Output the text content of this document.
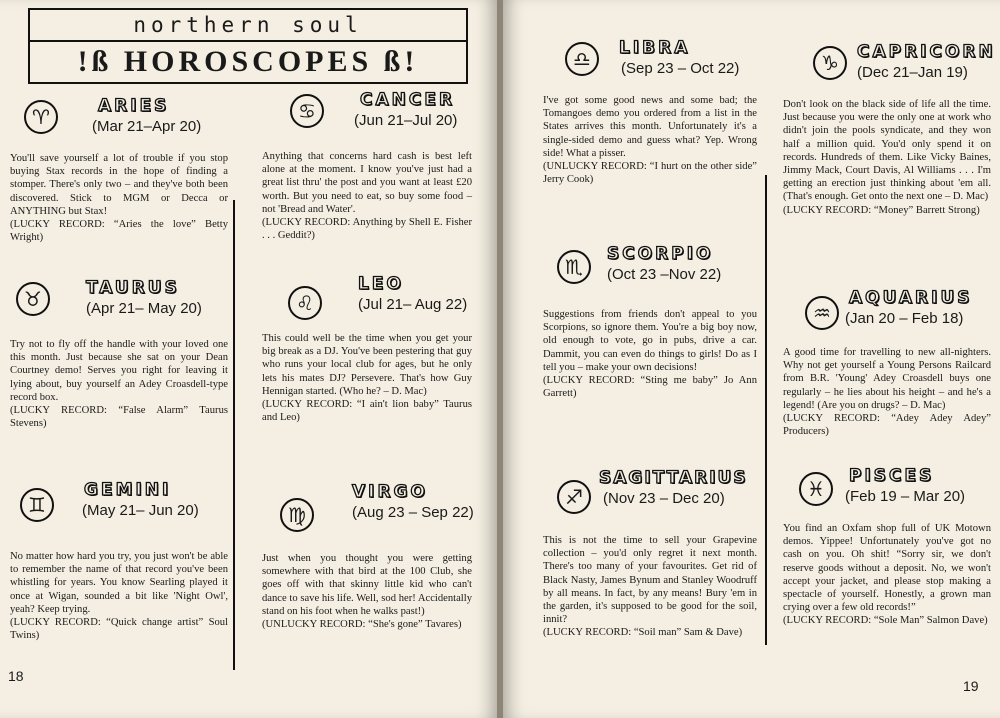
northern soul
!ß HOROSCOPES ß!
♈	ARIES
(Mar 21–Apr 20)
You'll save yourself a lot of trouble if you stop buying Stax records in the hope of finding a stomper. There's only two – and they've both been discovered. Stick to MGM or Decca or ANYTHING but Stax!
(LUCKY RECORD: “Aries the love” Betty Wright)
♉	TAURUS
(Apr 21– May 20)
Try not to fly off the handle with your loved one this month. Just because she sat on your Dean Courtney demo! Serves you right for leaving it lying about, buy yourself an Adey Croasdell-type record box.
(LUCKY RECORD: “False Alarm” Taurus Stevens)
♊
GEMINI
(May 21– Jun 20)
No matter how hard you try, you just won't be able to remember the name of that record you've been whistling for years. You know Searling played it once at Wigan, sounded a bit like 'Night Owl', yeah? Keep trying.
(LUCKY RECORD: “Quick change artist” Soul Twins)
♋	CANCER
(Jun 21–Jul 20)
Anything that concerns hard cash is best left alone at the moment. I know you've just had a great list thru' the post and you want at least £20 worth. But you need to eat, so buy some food – not 'Bread and Water'.
(LUCKY RECORD: Anything by Shell E. Fisher . . . Geddit?)
♌
LEO
(Jul 21– Aug 22)
This could well be the time when you get your big break as a DJ. You've been pestering that guy who runs your local club for ages, but he only lets his mates DJ? Persevere. That's how Guy Hennigan started. (Who he? – D. Mac)
(LUCKY RECORD: “I ain't lion baby” Taurus and Leo)
♍
VIRGO
(Aug 23 – Sep 22)
Just when you thought you were getting somewhere with that bird at the 100 Club, she goes off with that skinny little kid who can't dance to save his life. Well, sod her! Accidentally stand on his foot when he walks past!)
(UNLUCKY RECORD: “She's gone” Tavares)
18
♎ LIBRA
(Sep 23 – Oct 22)
I've got some good news and some bad; the Tomangoes demo you ordered from a list in the States arrives this month. Unfortunately it's a single-sided demo and guess what? Yep. Wrong side! What a pisser.
(UNLUCKY RECORD: “I hurt on the other side” Jerry Cook)
♏
SCORPIO
(Oct 23 –Nov 22)
Suggestions from friends don't appeal to you Scorpions, so ignore them. You're a big boy now, old enough to vote, go in pubs, drive a car. Dammit, you can even do things to girls! Do as I tell you – make your own decisions!
(LUCKY RECORD: “Sting me baby” Jo Ann Garrett)
♐
SAGITTARIUS
(Nov 23 – Dec 20)
This is not the time to sell your Grapevine collection – you'd only regret it next month. There's too many of your favourites. Get rid of Black Nasty, James Bynum and Stanley Woodruff by all means. In fact, by any means! Bury 'em in the garden, it's supposed to be good for the soil, innit?
(LUCKY RECORD: “Soil man” Sam & Dave)
♑ CAPRICORN
(Dec 21–Jan 19)
Don't look on the black side of life all the time. Just because you were the only one at work who didn't join the pools syndicate, and they won half a million quid. You'd only spend it on records. Hundreds of them. Like Vicky Baines, Jimmy Mack, Court Davis, Al Williams . . . I'm getting an erection just thinking about 'em all. (That's enough. Get onto the next one – D. Mac)
(LUCKY RECORD: “Money” Barrett Strong)
♒
AQUARIUS
(Jan 20 – Feb 18)
A good time for travelling to new all-nighters. Why not get yourself a Young Persons Railcard from B.R. 'Young' Adey Croasdell buys one regularly – he lies about his height – and he's a legend! (Are you on drugs? – D. Mac)
(LUCKY RECORD: “Adey Adey Adey” Producers)
♓
PISCES
(Feb 19 – Mar 20)
You find an Oxfam shop full of UK Motown demos. Yippee! Unfortunately you've got no cash on you. Oh shit! “Sorry sir, we don't reserve goods without a deposit. No, we won't accept your jacket, and please stop making a spectacle of yourself. Honestly, a grown man crying over a few old records!”
(LUCKY RECORD: “Sole Man” Salmon Dave)
19
